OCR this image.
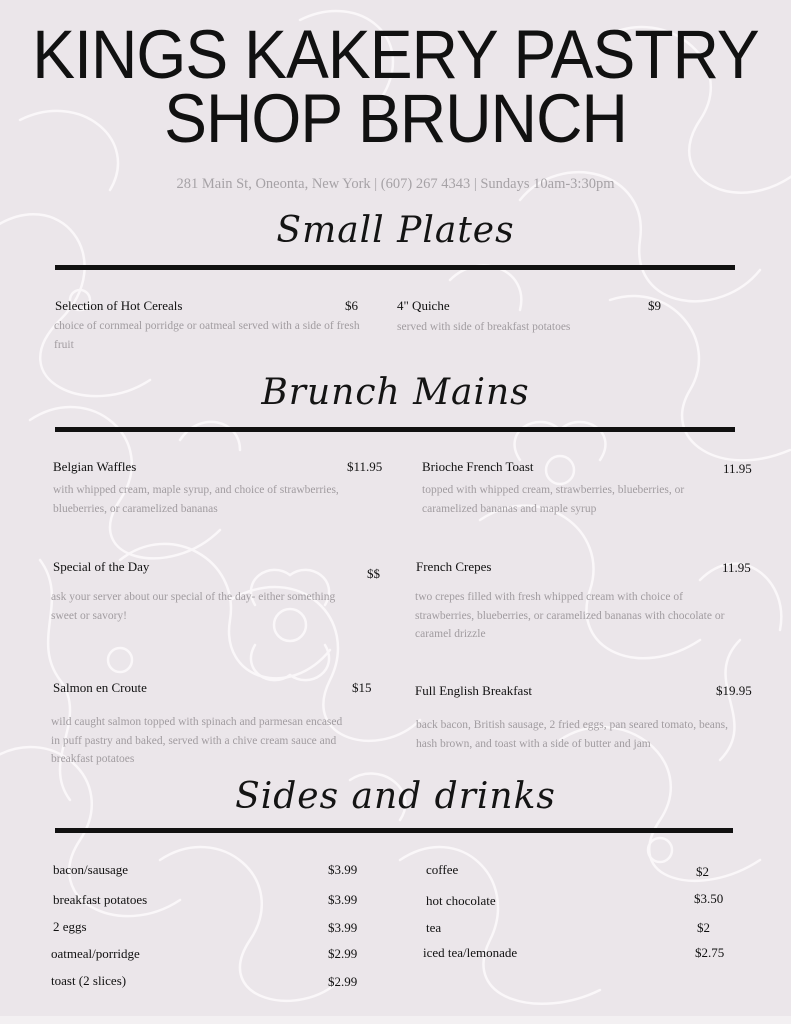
KINGS KAKERY PASTRY
SHOP BRUNCH
281 Main St, Oneonta, New York | (607) 267 4343 | Sundays 10am-3:30pm
Small Plates
Selection of Hot Cereals	$6
choice of cornmeal porridge or oatmeal served with a side of fresh fruit
4" Quiche	$9
served with side of breakfast potatoes
Brunch Mains
Belgian Waffles	$11.95
with whipped cream, maple syrup, and choice of strawberries, blueberries, or caramelized bananas
Brioche French Toast	11.95
topped with whipped cream, strawberries, blueberries, or caramelized bananas and maple syrup
Special of the Day	$$
ask your server about our special of the day- either something sweet or savory!
French Crepes	11.95
two crepes filled with fresh whipped cream with choice of strawberries, blueberries, or caramelized bananas with chocolate or caramel drizzle
Salmon en Croute	$15
wild caught salmon topped with spinach and parmesan encased in puff pastry and baked, served with a chive cream sauce and breakfast potatoes
Full English Breakfast	$19.95
back bacon, British sausage, 2 fried eggs, pan seared tomato, beans, hash brown, and toast with a side of butter and jam
Sides and drinks
bacon/sausage	$3.99
breakfast potatoes	$3.99
2 eggs	$3.99
oatmeal/porridge	$2.99
toast (2 slices)	$2.99
coffee	$2
hot chocolate	$3.50
tea	$2
iced tea/lemonade	$2.75
